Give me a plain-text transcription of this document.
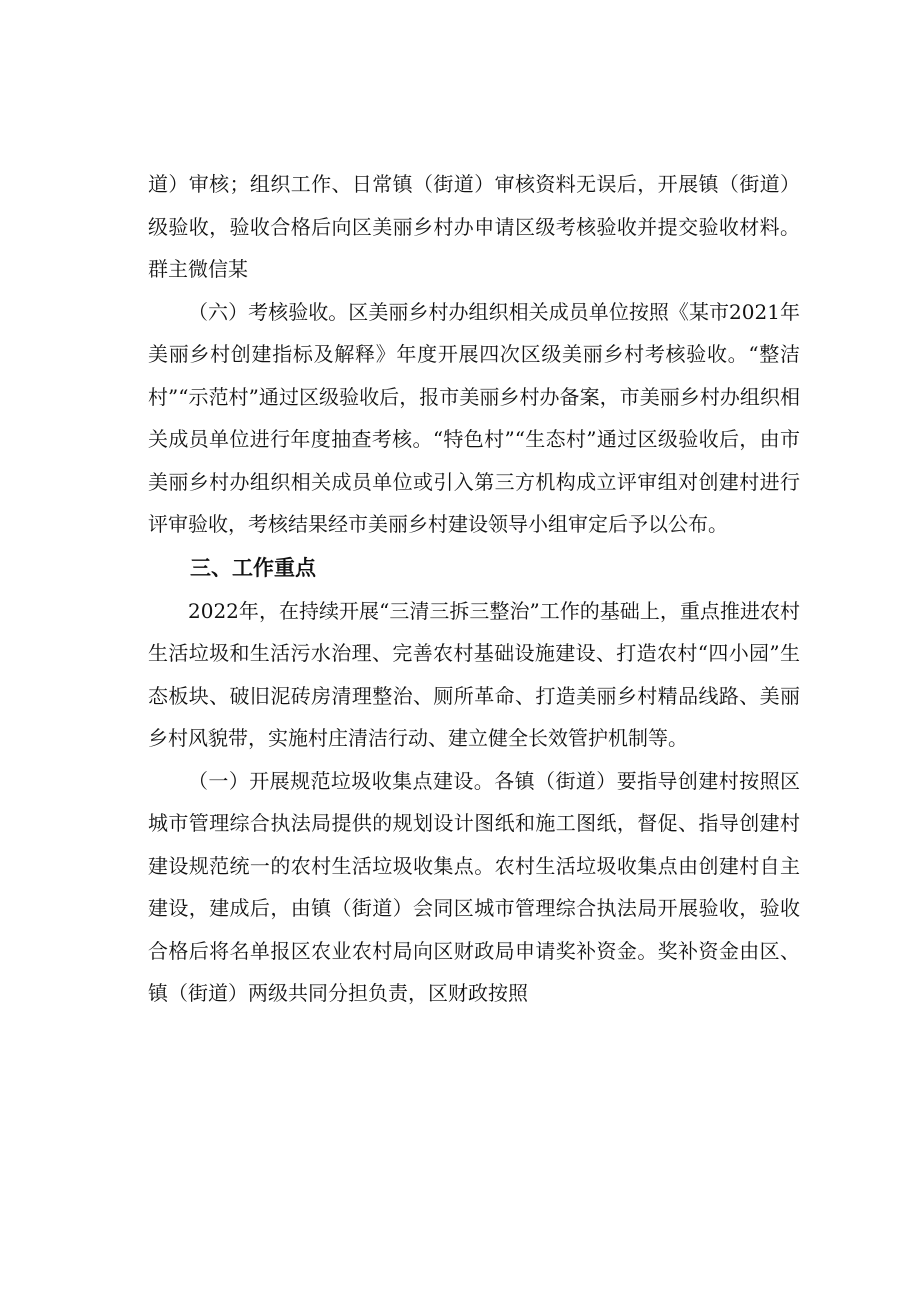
道）审核；组织工作、日常镇（街道）审核资料无误后，开展镇（街道）级验收，验收合格后向区美丽乡村办申请区级考核验收并提交验收材料。群主微信某

（六）考核验收。区美丽乡村办组织相关成员单位按照《某市2021年美丽乡村创建指标及解释》年度开展四次区级美丽乡村考核验收。“整洁村”“示范村”通过区级验收后，报市美丽乡村办备案，市美丽乡村办组织相关成员单位进行年度抽查考核。“特色村”“生态村”通过区级验收后，由市美丽乡村办组织相关成员单位或引入第三方机构成立评审组对创建村进行评审验收，考核结果经市美丽乡村建设领导小组审定后予以公布。

三、工作重点

2022年，在持续开展“三清三拆三整治”工作的基础上，重点推进农村生活垃圾和生活污水治理、完善农村基础设施建设、打造农村“四小园”生态板块、破旧泥砖房清理整治、厕所革命、打造美丽乡村精品线路、美丽乡村风貌带，实施村庄清洁行动、建立健全长效管护机制等。

（一）开展规范垃圾收集点建设。各镇（街道）要指导创建村按照区城市管理综合执法局提供的规划设计图纸和施工图纸，督促、指导创建村建设规范统一的农村生活垃圾收集点。农村生活垃圾收集点由创建村自主建设，建成后，由镇（街道）会同区城市管理综合执法局开展验收，验收合格后将名单报区农业农村局向区财政局申请奖补资金。奖补资金由区、镇（街道）两级共同分担负责，区财政按照
